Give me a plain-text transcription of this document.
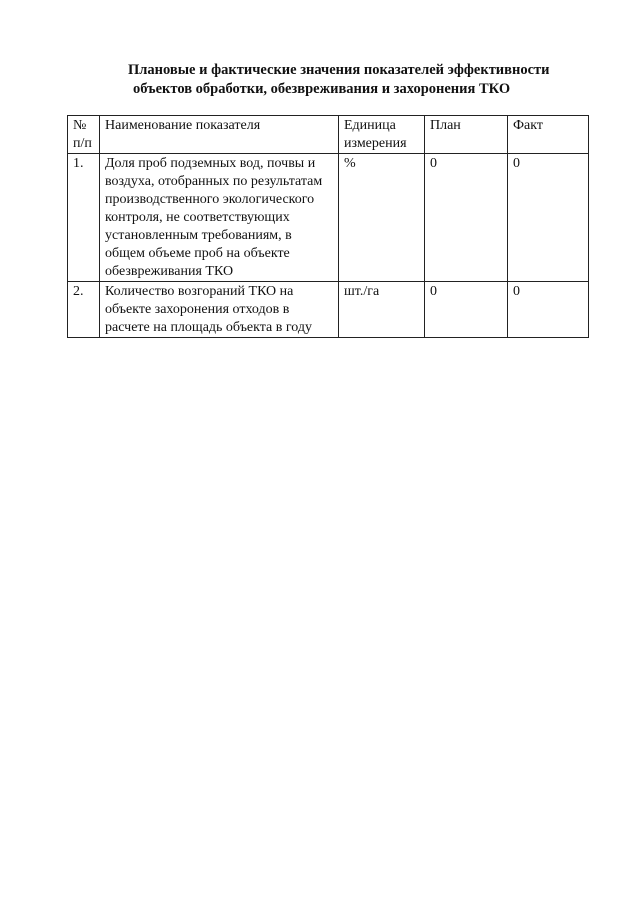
Плановые и фактические значения показателей эффективности
объектов обработки, обезвреживания и захоронения ТКО
№ п/п	Наименование показателя	Единица измерения	План	Факт

1.	Доля проб подземных вод, почвы и воздуха, отобранных по результатам производственного экологического контроля, не соответствующих установленным требованиям, в общем объеме проб на объекте обезвреживания ТКО	%	0	0

2.	Количество возгораний ТКО на объекте захоронения отходов в расчете на площадь объекта в году	шт./га	0	0
